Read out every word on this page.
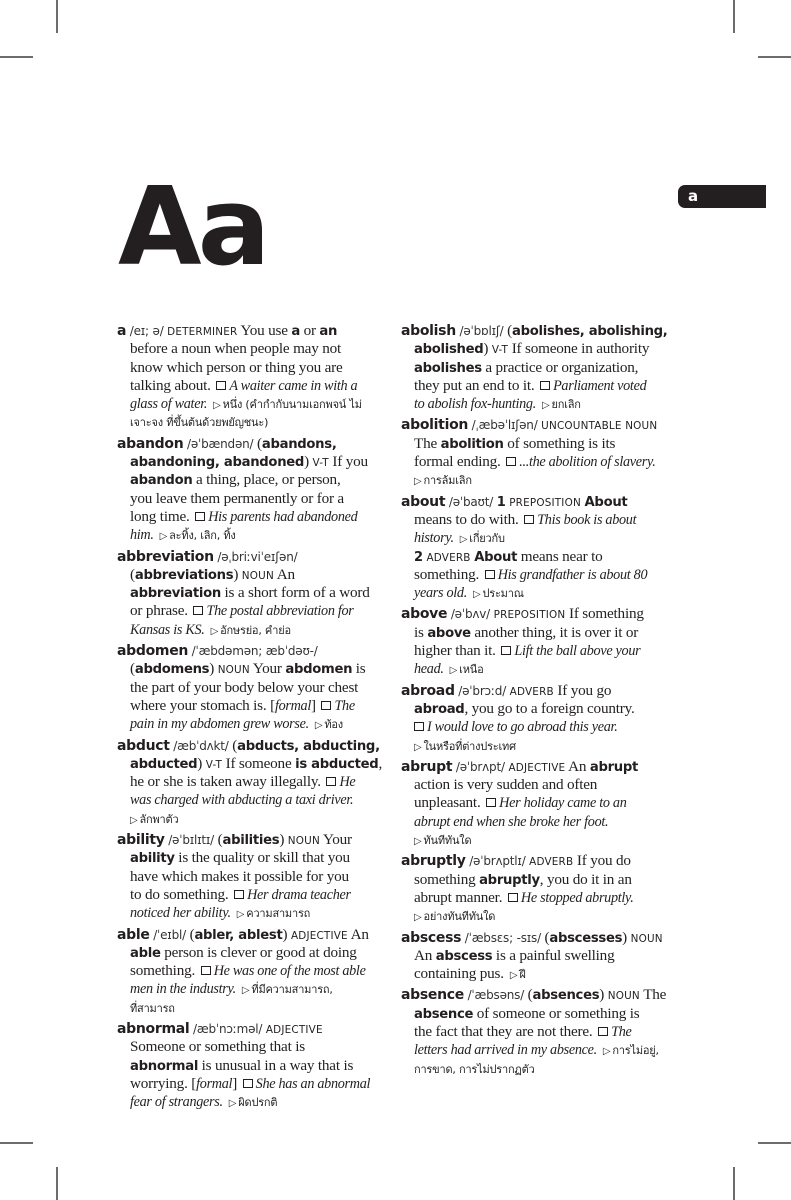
Aa	a
a /eɪ; ə/ DETERMINER You use a or an
before a noun when people may not
know which person or thing you are
talking about. A waiter came in with a
glass of water. ▷ หนึ่ง (คำกำกับนามเอกพจน์ ไม่
เจาะจง ที่ขึ้นต้นด้วยพยัญชนะ)
abandon /əˈbændən/ (abandons,
abandoning, abandoned) V-T If you
abandon a thing, place, or person,
you leave them permanently or for a
long time. His parents had abandoned
him. ▷ ละทิ้ง, เลิก, ทิ้ง
abbreviation /əˌbriːviˈeɪʃən/
(abbreviations) NOUN An
abbreviation is a short form of a word
or phrase. The postal abbreviation for
Kansas is KS. ▷ อักษรย่อ, คำย่อ
abdomen /ˈæbdəmən; æbˈdəʊ-/
(abdomens) NOUN Your abdomen is
the part of your body below your chest
where your stomach is. [formal] The
pain in my abdomen grew worse. ▷ ท้อง
abduct /æbˈdʌkt/ (abducts, abducting,
abducted) V-T If someone is abducted,
he or she is taken away illegally. He
was charged with abducting a taxi driver.
▷ ลักพาตัว
ability /əˈbɪlɪtɪ/ (abilities) NOUN Your
ability is the quality or skill that you
have which makes it possible for you
to do something. Her drama teacher
noticed her ability. ▷ ความสามารถ
able /ˈeɪbl/ (abler, ablest) ADJECTIVE An
able person is clever or good at doing
something. He was one of the most able
men in the industry. ▷ ที่มีความสามารถ,
ที่สามารถ
abnormal /æbˈnɔːməl/ ADJECTIVE
Someone or something that is
abnormal is unusual in a way that is
worrying. [formal] She has an abnormal
fear of strangers. ▷ ผิดปรกติ
abolish /əˈbɒlɪʃ/ (abolishes, abolishing,
abolished) V-T If someone in authority
abolishes a practice or organization,
they put an end to it. Parliament voted
to abolish fox-hunting. ▷ ยกเลิก
abolition /ˌæbəˈlɪʃən/ UNCOUNTABLE NOUN
The abolition of something is its
formal ending. ...the abolition of slavery.
▷ การล้มเลิก
about /əˈbaʊt/ 1 PREPOSITION About
means to do with. This book is about
history. ▷ เกี่ยวกับ
2 ADVERB About means near to
something. His grandfather is about 80
years old. ▷ ประมาณ
above /əˈbʌv/ PREPOSITION If something
is above another thing, it is over it or
higher than it. Lift the ball above your
head. ▷ เหนือ
abroad /əˈbrɔːd/ ADVERB If you go
abroad, you go to a foreign country.
I would love to go abroad this year.
▷ ในหรือที่ต่างประเทศ
abrupt /əˈbrʌpt/ ADJECTIVE An abrupt
action is very sudden and often
unpleasant. Her holiday came to an
abrupt end when she broke her foot.
▷ ทันทีทันใด
abruptly /əˈbrʌptlɪ/ ADVERB If you do
something abruptly, you do it in an
abrupt manner. He stopped abruptly.
▷ อย่างทันทีทันใด
abscess /ˈæbsɛs; -sɪs/ (abscesses) NOUN
An abscess is a painful swelling
containing pus. ▷ ฝี
absence /ˈæbsəns/ (absences) NOUN The
absence of someone or something is
the fact that they are not there. The
letters had arrived in my absence. ▷ การไม่อยู่,
การขาด, การไม่ปรากฏตัว
